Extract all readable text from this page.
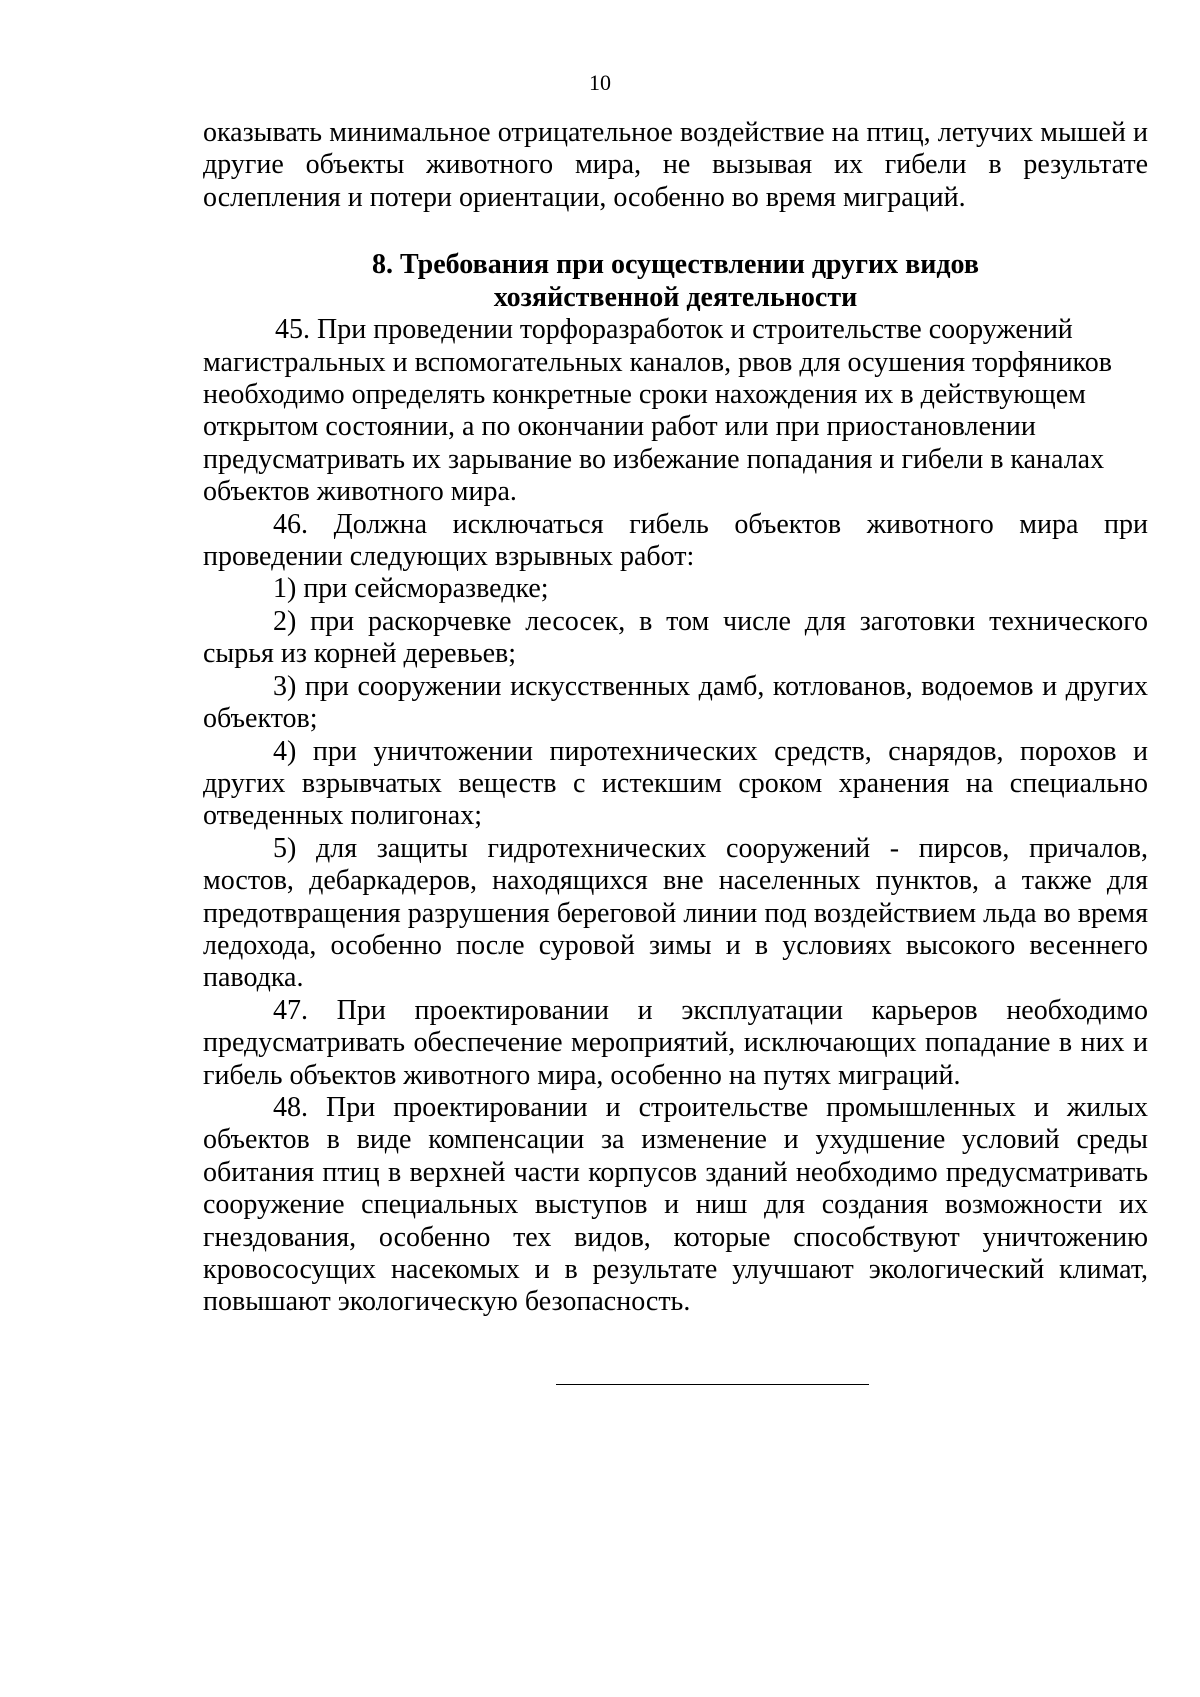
10

оказывать минимальное отрицательное воздействие на птиц, летучих мышей и другие объекты животного мира, не вызывая их гибели в результате ослепления и потери ориентации, особенно во время миграций.

8. Требования при осуществлении других видов

хозяйственной деятельности

45. При проведении торфоразработок и строительстве сооружений магистральных и вспомогательных каналов, рвов для осушения торфяников необходимо определять конкретные сроки нахождения их в действующем открытом состоянии, а по окончании работ или при приостановлении предусматривать их зарывание во избежание попадания и гибели в каналах объектов животного мира.

46. Должна исключаться гибель объектов животного мира при проведении следующих взрывных работ:

1) при сейсморазведке;

2) при раскорчевке лесосек, в том числе для заготовки технического сырья из корней деревьев;

3) при сооружении искусственных дамб, котлованов, водоемов и других объектов;

4) при уничтожении пиротехнических средств, снарядов, порохов и других взрывчатых веществ с истекшим сроком хранения на специально отведенных полигонах;

5) для защиты гидротехнических сооружений - пирсов, причалов, мостов, дебаркадеров, находящихся вне населенных пунктов, а также для предотвращения разрушения береговой линии под воздействием льда во время ледохода, особенно после суровой зимы и в условиях высокого весеннего паводка.

47. При проектировании и эксплуатации карьеров необходимо предусматривать обеспечение мероприятий, исключающих попадание в них и гибель объектов животного мира, особенно на путях миграций.

48. При проектировании и строительстве промышленных и жилых объектов в виде компенсации за изменение и ухудшение условий среды обитания птиц в верхней части корпусов зданий необходимо предусматривать сооружение специальных выступов и ниш для создания возможности их гнездования, особенно тех видов, которые способствуют уничтожению кровососущих насекомых и в результате улучшают экологический климат, повышают экологическую безопасность.
